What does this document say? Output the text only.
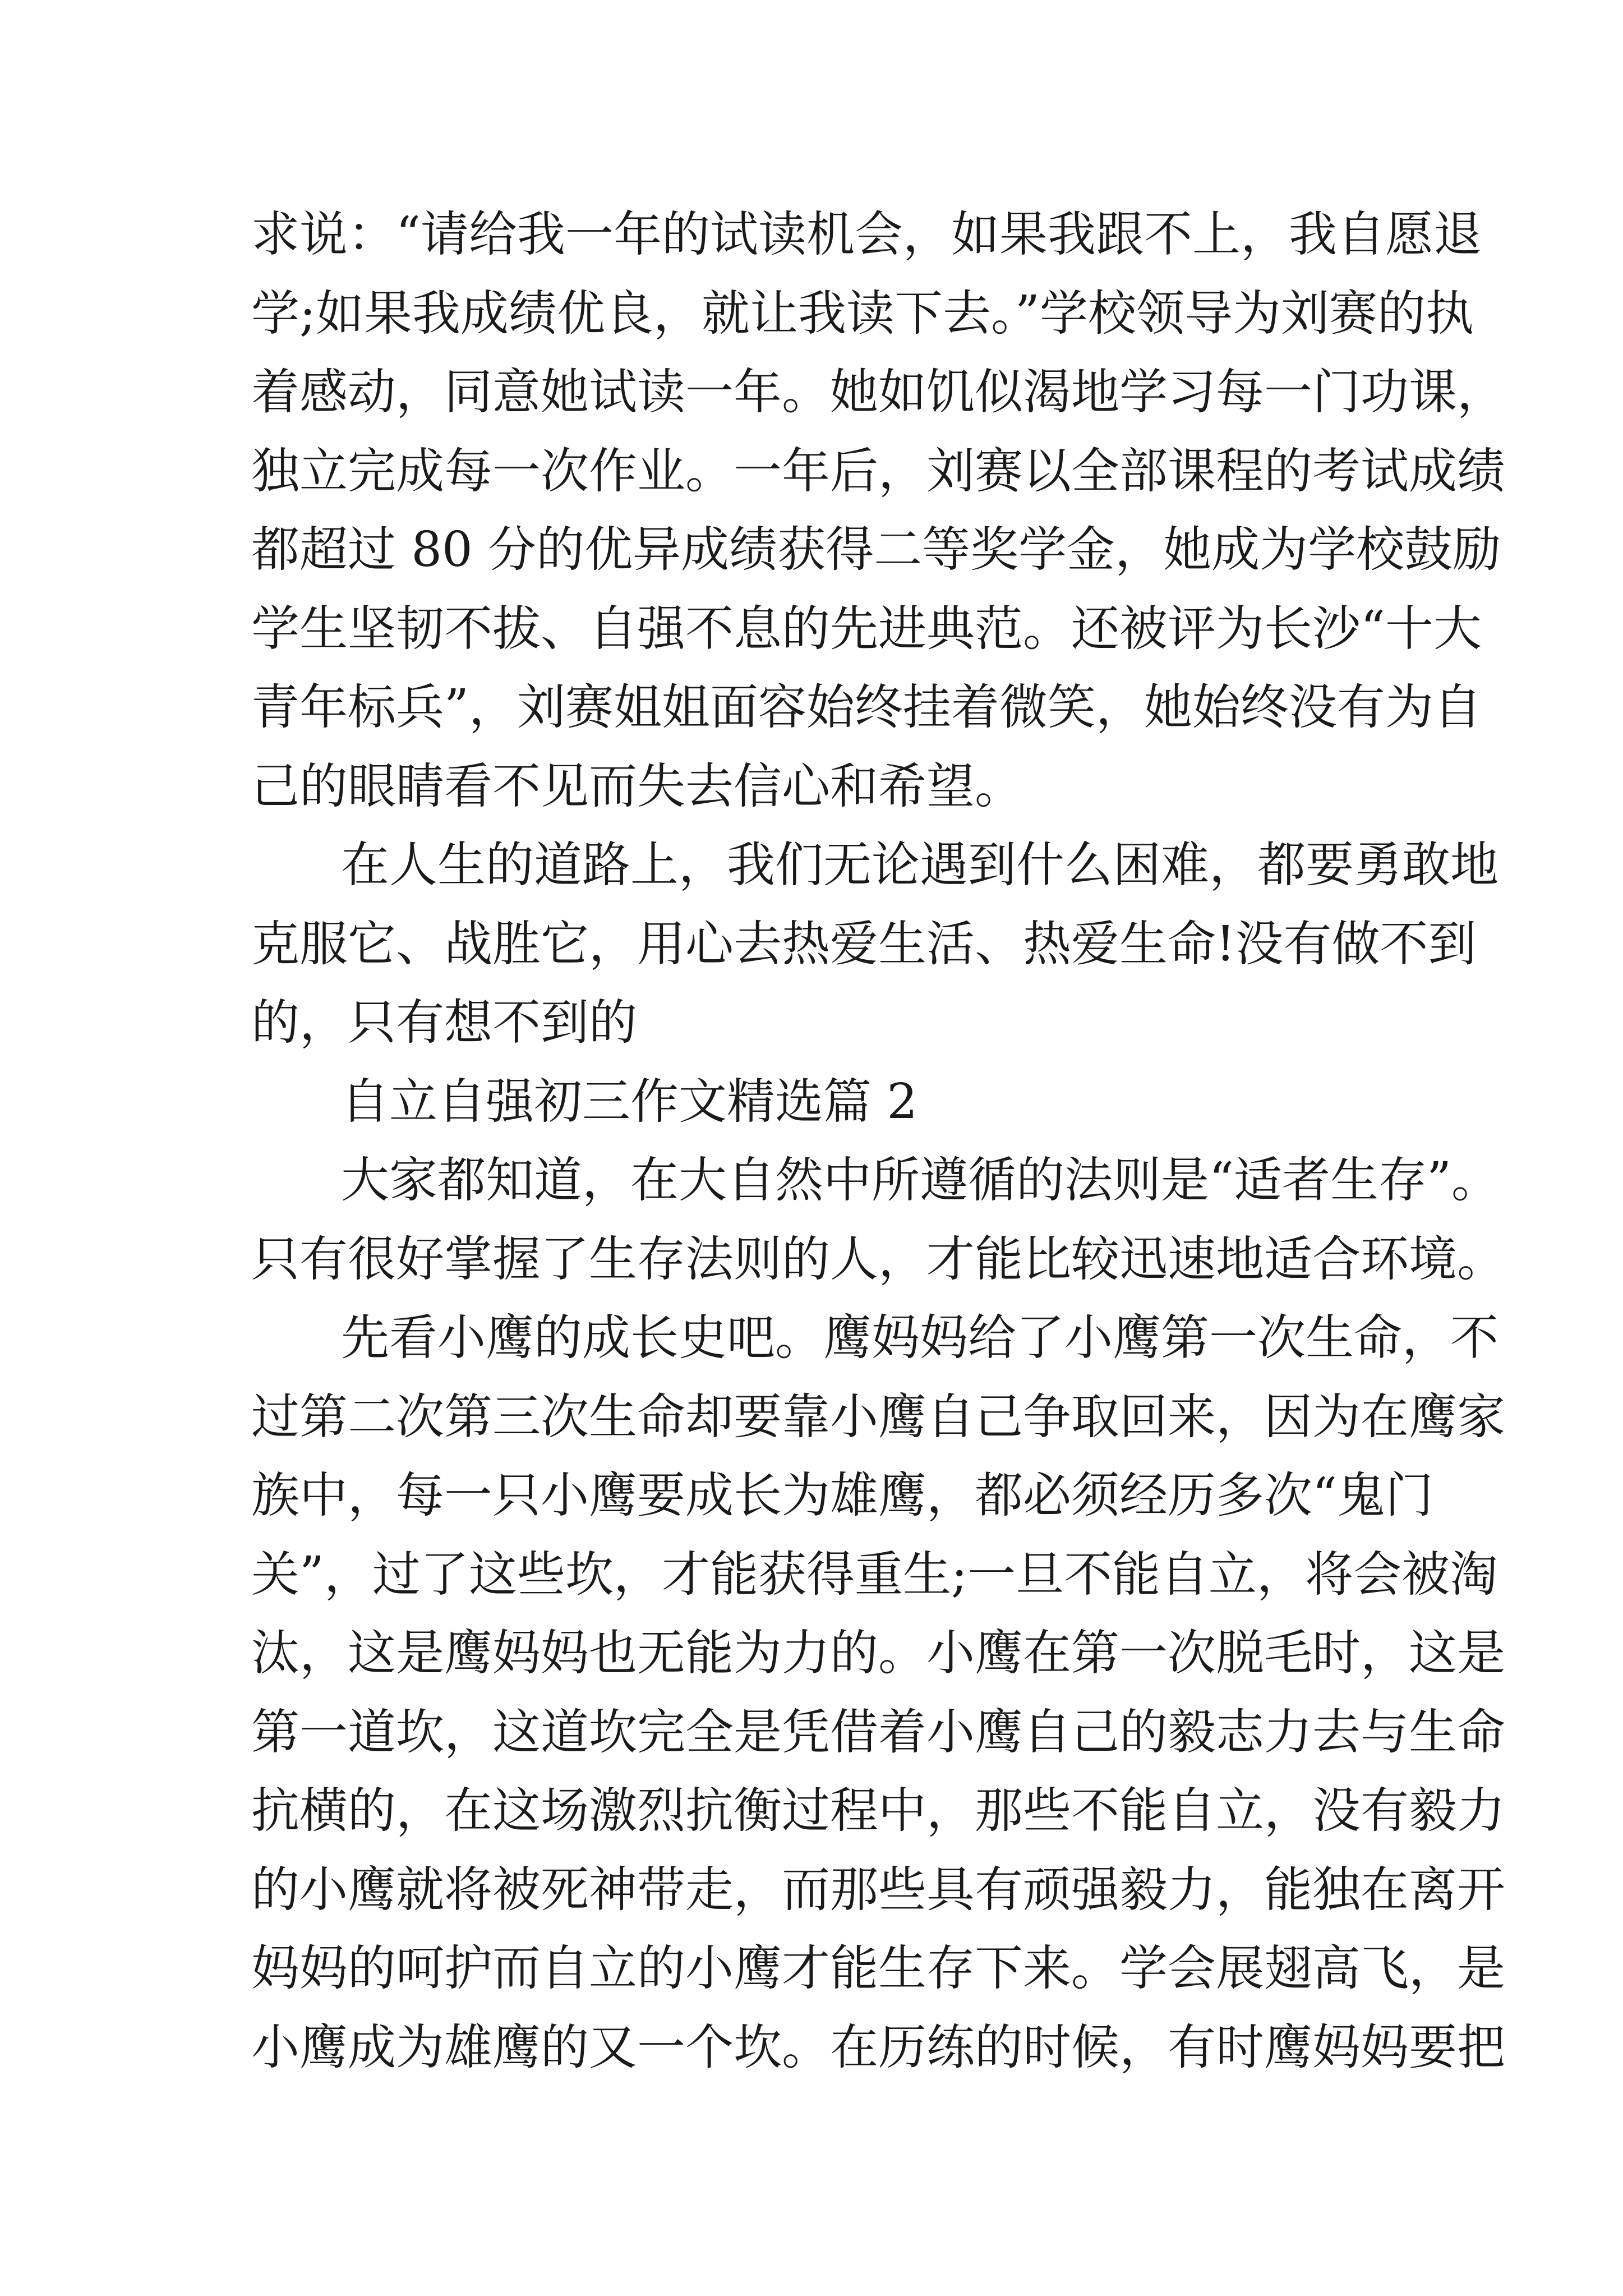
求说：“请给我一年的试读机会，如果我跟不上，我自愿退
学;如果我成绩优良，就让我读下去。”学校领导为刘赛的执
着感动，同意她试读一年。她如饥似渴地学习每一门功课，
独立完成每一次作业。一年后，刘赛以全部课程的考试成绩
都超过 80 分的优异成绩获得二等奖学金，她成为学校鼓励
学生坚韧不拔、自强不息的先进典范。还被评为长沙“十大
青年标兵”，刘赛姐姐面容始终挂着微笑，她始终没有为自
己的眼睛看不见而失去信心和希望。
在人生的道路上，我们无论遇到什么困难，都要勇敢地
克服它、战胜它，用心去热爱生活、热爱生命!没有做不到
的，只有想不到的
自立自强初三作文精选篇 2
大家都知道，在大自然中所遵循的法则是“适者生存”。
只有很好掌握了生存法则的人，才能比较迅速地适合环境。
先看小鹰的成长史吧。鹰妈妈给了小鹰第一次生命，不
过第二次第三次生命却要靠小鹰自己争取回来，因为在鹰家
族中，每一只小鹰要成长为雄鹰，都必须经历多次“鬼门
关”，过了这些坎，才能获得重生;一旦不能自立，将会被淘
汰，这是鹰妈妈也无能为力的。小鹰在第一次脱毛时，这是
第一道坎，这道坎完全是凭借着小鹰自己的毅志力去与生命
抗横的，在这场激烈抗衡过程中，那些不能自立，没有毅力
的小鹰就将被死神带走，而那些具有顽强毅力，能独在离开
妈妈的呵护而自立的小鹰才能生存下来。学会展翅高飞，是
小鹰成为雄鹰的又一个坎。在历练的时候，有时鹰妈妈要把
